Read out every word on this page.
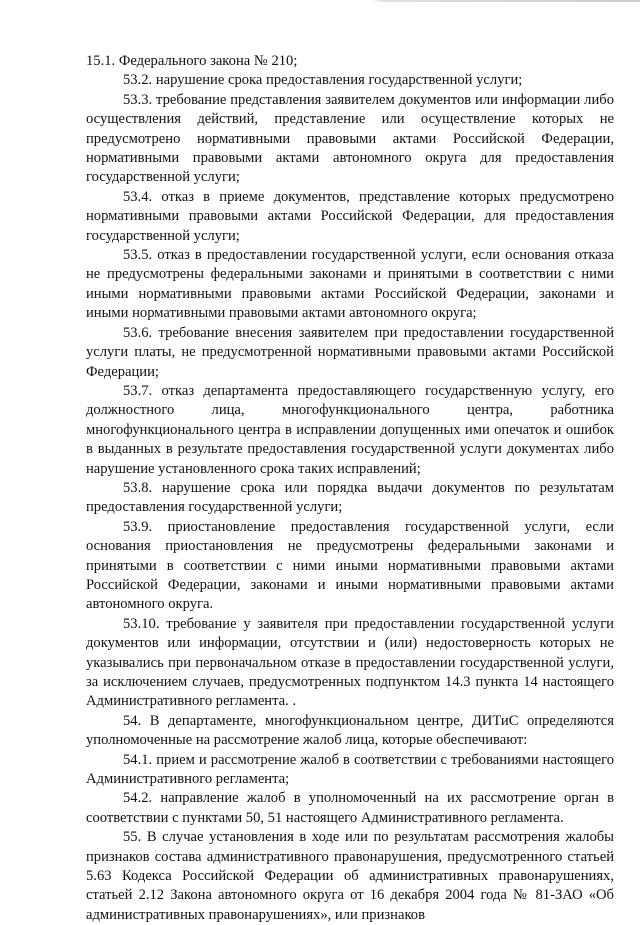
15.1. Федерального закона № 210;

53.2. нарушение срока предоставления государственной услуги;

53.3. требование представления заявителем документов или информации либо осуществления действий, представление или осуществление которых не предусмотрено нормативными правовыми актами Российской Федерации, нормативными правовыми актами автономного округа для предоставления государственной услуги;

53.4. отказ в приеме документов, представление которых предусмотрено нормативными правовыми актами Российской Федерации, для предоставления государственной услуги;

53.5. отказ в предоставлении государственной услуги, если основания отказа не предусмотрены федеральными законами и принятыми в соответствии с ними иными нормативными правовыми актами Российской Федерации, законами и иными нормативными правовыми актами автономного округа;

53.6. требование внесения заявителем при предоставлении государственной услуги платы, не предусмотренной нормативными правовыми актами Российской Федерации;

53.7. отказ департамента предоставляющего государственную услугу, его должностного лица, многофункционального центра, работника многофункционального центра в исправлении допущенных ими опечаток и ошибок в выданных в результате предоставления государственной услуги документах либо нарушение установленного срока таких исправлений;

53.8. нарушение срока или порядка выдачи документов по результатам предоставления государственной услуги;

53.9. приостановление предоставления государственной услуги, если основания приостановления не предусмотрены федеральными законами и принятыми в соответствии с ними иными нормативными правовыми актами Российской Федерации, законами и иными нормативными правовыми актами автономного округа.

53.10. требование у заявителя при предоставлении государственной услуги документов или информации, отсутствии и (или) недостоверность которых не указывались при первоначальном отказе в предоставлении государственной услуги, за исключением случаев, предусмотренных подпунктом 14.3 пункта 14 настоящего Административного регламента. .

54. В департаменте, многофункциональном центре, ДИТиС определяются уполномоченные на рассмотрение жалоб лица, которые обеспечивают:

54.1. прием и рассмотрение жалоб в соответствии с требованиями настоящего Административного регламента;

54.2. направление жалоб в уполномоченный на их рассмотрение орган в соответствии с пунктами 50, 51 настоящего Административного регламента.

55. В случае установления в ходе или по результатам рассмотрения жалобы признаков состава административного правонарушения, предусмотренного статьей 5.63 Кодекса Российской Федерации об административных правонарушениях, статьей 2.12 Закона автономного округа от 16 декабря 2004 года № 81-ЗАО «Об административных правонарушениях», или признаков
